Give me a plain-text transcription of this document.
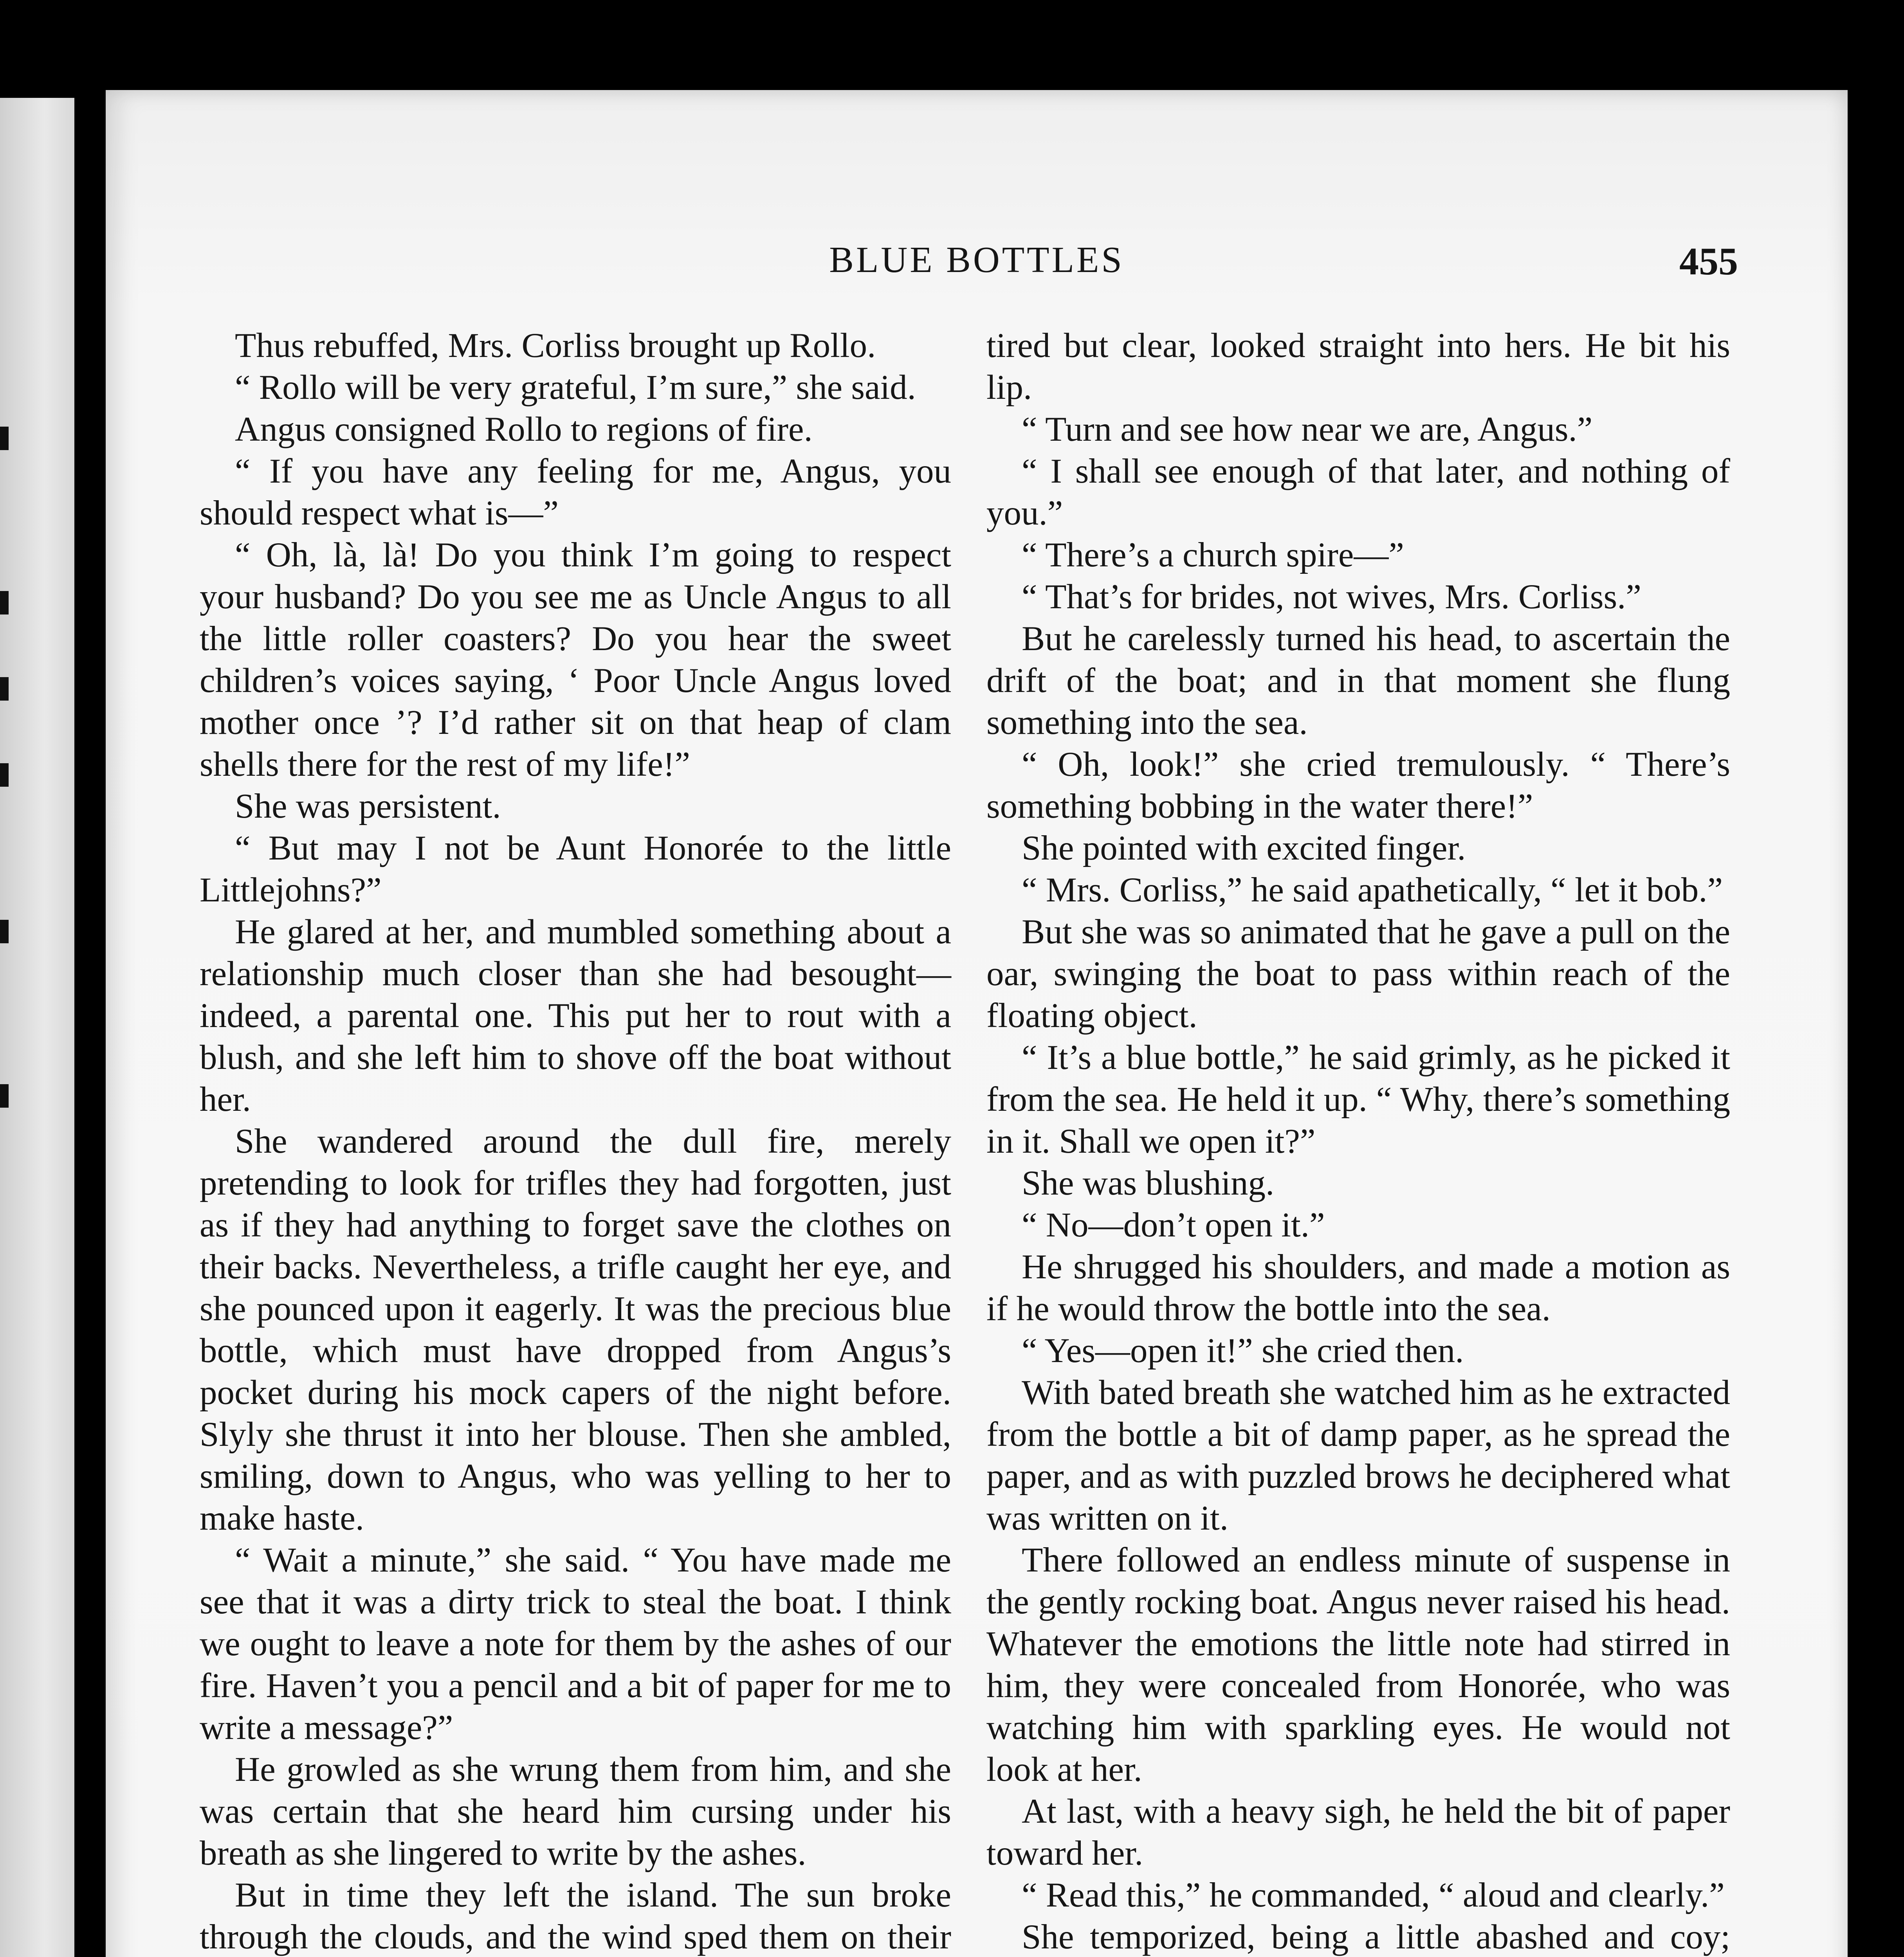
BLUE BOTTLES	455

Thus rebuffed, Mrs. Corliss brought up Rollo.

“ Rollo will be very grateful, I’m sure,” she said.

Angus consigned Rollo to regions of fire.

“ If you have any feeling for me, Angus, you should respect what is—”

“ Oh, là, là! Do you think I’m going to respect your husband? Do you see me as Uncle Angus to all the little roller coasters? Do you hear the sweet children’s voices saying, ‘ Poor Uncle Angus loved mother once ’? I’d rather sit on that heap of clam shells there for the rest of my life!”

She was persistent.

“ But may I not be Aunt Honorée to the little Littlejohns?”

He glared at her, and mumbled something about a relationship much closer than she had besought—indeed, a parental one. This put her to rout with a blush, and she left him to shove off the boat without her.

She wandered around the dull fire, merely pretending to look for trifles they had forgotten, just as if they had anything to forget save the clothes on their backs. Nevertheless, a trifle caught her eye, and she pounced upon it eagerly. It was the precious blue bottle, which must have dropped from Angus’s pocket during his mock capers of the night before. Slyly she thrust it into her blouse. Then she ambled, smiling, down to Angus, who was yelling to her to make haste.

“ Wait a minute,” she said. “ You have made me see that it was a dirty trick to steal the boat. I think we ought to leave a note for them by the ashes of our fire. Haven’t you a pencil and a bit of paper for me to write a message?”

He growled as she wrung them from him, and she was certain that she heard him cursing under his breath as she lingered to write by the ashes.

But in time they left the island. The sun broke through the clouds, and the wind sped them on their

tired but clear, looked straight into hers. He bit his lip.

“ Turn and see how near we are, Angus.”

“ I shall see enough of that later, and nothing of you.”

“ There’s a church spire—”

“ That’s for brides, not wives, Mrs. Corliss.”

But he carelessly turned his head, to ascertain the drift of the boat; and in that moment she flung something into the sea.

“ Oh, look!” she cried tremulously. “ There’s something bobbing in the water there!”

She pointed with excited finger.

“ Mrs. Corliss,” he said apathetically, “ let it bob.”

But she was so animated that he gave a pull on the oar, swinging the boat to pass within reach of the floating object.

“ It’s a blue bottle,” he said grimly, as he picked it from the sea. He held it up. “ Why, there’s something in it. Shall we open it?”

She was blushing.

“ No—don’t open it.”

He shrugged his shoulders, and made a motion as if he would throw the bottle into the sea.

“ Yes—open it!” she cried then.

With bated breath she watched him as he extracted from the bottle a bit of damp paper, as he spread the paper, and as with puzzled brows he deciphered what was written on it.

There followed an endless minute of suspense in the gently rocking boat. Angus never raised his head. Whatever the emotions the little note had stirred in him, they were concealed from Honorée, who was watching him with sparkling eyes. He would not look at her.

At last, with a heavy sigh, he held the bit of paper toward her.

“ Read this,” he commanded, “ aloud and clearly.”

She temporized, being a little abashed and coy;
